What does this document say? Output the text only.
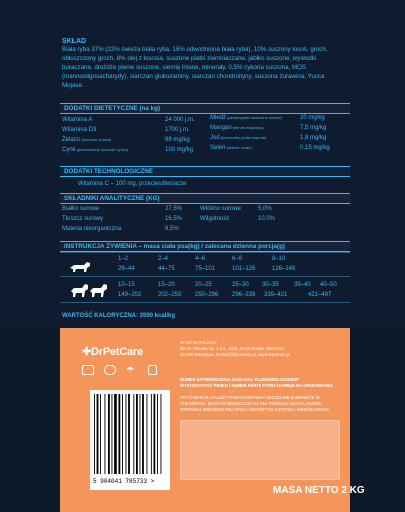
SKŁAD
Biała ryba 37% (22% świeża biała ryba, 15% odwodniona biała ryba), 10% suszony łosoś, groch, obłuszczony groch, 8% olej z łososia, suszone płatki ziemniaczane, jabłko suszone, wysłodki buraczane, drożdże piwne suszone, siemię lniane, minerały, 0,5% cykoria suszona, MOS (mannooligosacharydy), siarczan glukozaminy, siarczan chondroityny, suszona żurawina, Yucca Mojave.
DODATKI DIETETYCZNE (na kg)
Witamina A	24 000 j.m.
Witamina D3	1700 j.m.
Żelazo (siarczan żelaza)	88 mg/kg
Cynk (jednowodny siarczan cynku)	100 mg/kg
Miedź (pentahydrat siarczanu miedzi)	20 mg/kg
Mangan (tlenek magnezu)	7,5 mg/kg
Jod (bezwodny jodan wapnia)	1,8 mg/kg
Selen (selenin sodu)	0,15 mg/kg
DODATKI TECHNOLOGICZNE
Witamina C – 100 mg, przeciwutleniacze
SKŁADNIKI ANALITYCZNE (KG)
Białko surowe	27,5%
Tłuszcz surowy	16,5%
Materia nieorganiczna	8,5%
Włókno surowe	5,0%
Wilgotność	10,0%
INSTRUKCJA ŻYWIENIA – masa ciała psa(kg) / zalecana dzienna porcja(g)
1–2	2–4	4–6	6–8	8–10
26–44	44–75	75–101	101–126	126–149
10–15	15–20	20–25	25–30 30–35	35–40 40–50
149–202	202–250 250–296 296–339 339–421	421–497
WARTOŚĆ KALORYCZNA: 3590 kcal/kg
✚DrPetCare
☂
W UE/ W POLSCE/
dla Dr. Petcare Sp. z o.o., Aleje Jerozolimskie 200/215A,
02-486 Warszawa, kontakt@drpetcare.pl, www.drpetcare.pl
NUMER ZATWIERDZENIA ZAKŁADU: PL3204050IL3416452P
WYKORZYSTAĆ PRZED I NUMER PARTII PATRZ NADRUK NA OPAKOWANIU.
PO OTWARCIU NALEŻY PRZECHOWYWAĆ SZCZELNIE ZAMKNIĘTE W CHŁODNYM I SUCHYM MIEJSCU DO 14 DNI. PODAJĄC SUCHĄ KARMĘ, ZAPEWNIJ SWOJEMU PSU STAŁY DOSTĘP DO CZYSTEJ I ŚWIEŻEJ WODY.
5 904041 785733 >
MASA NETTO 2 KG
